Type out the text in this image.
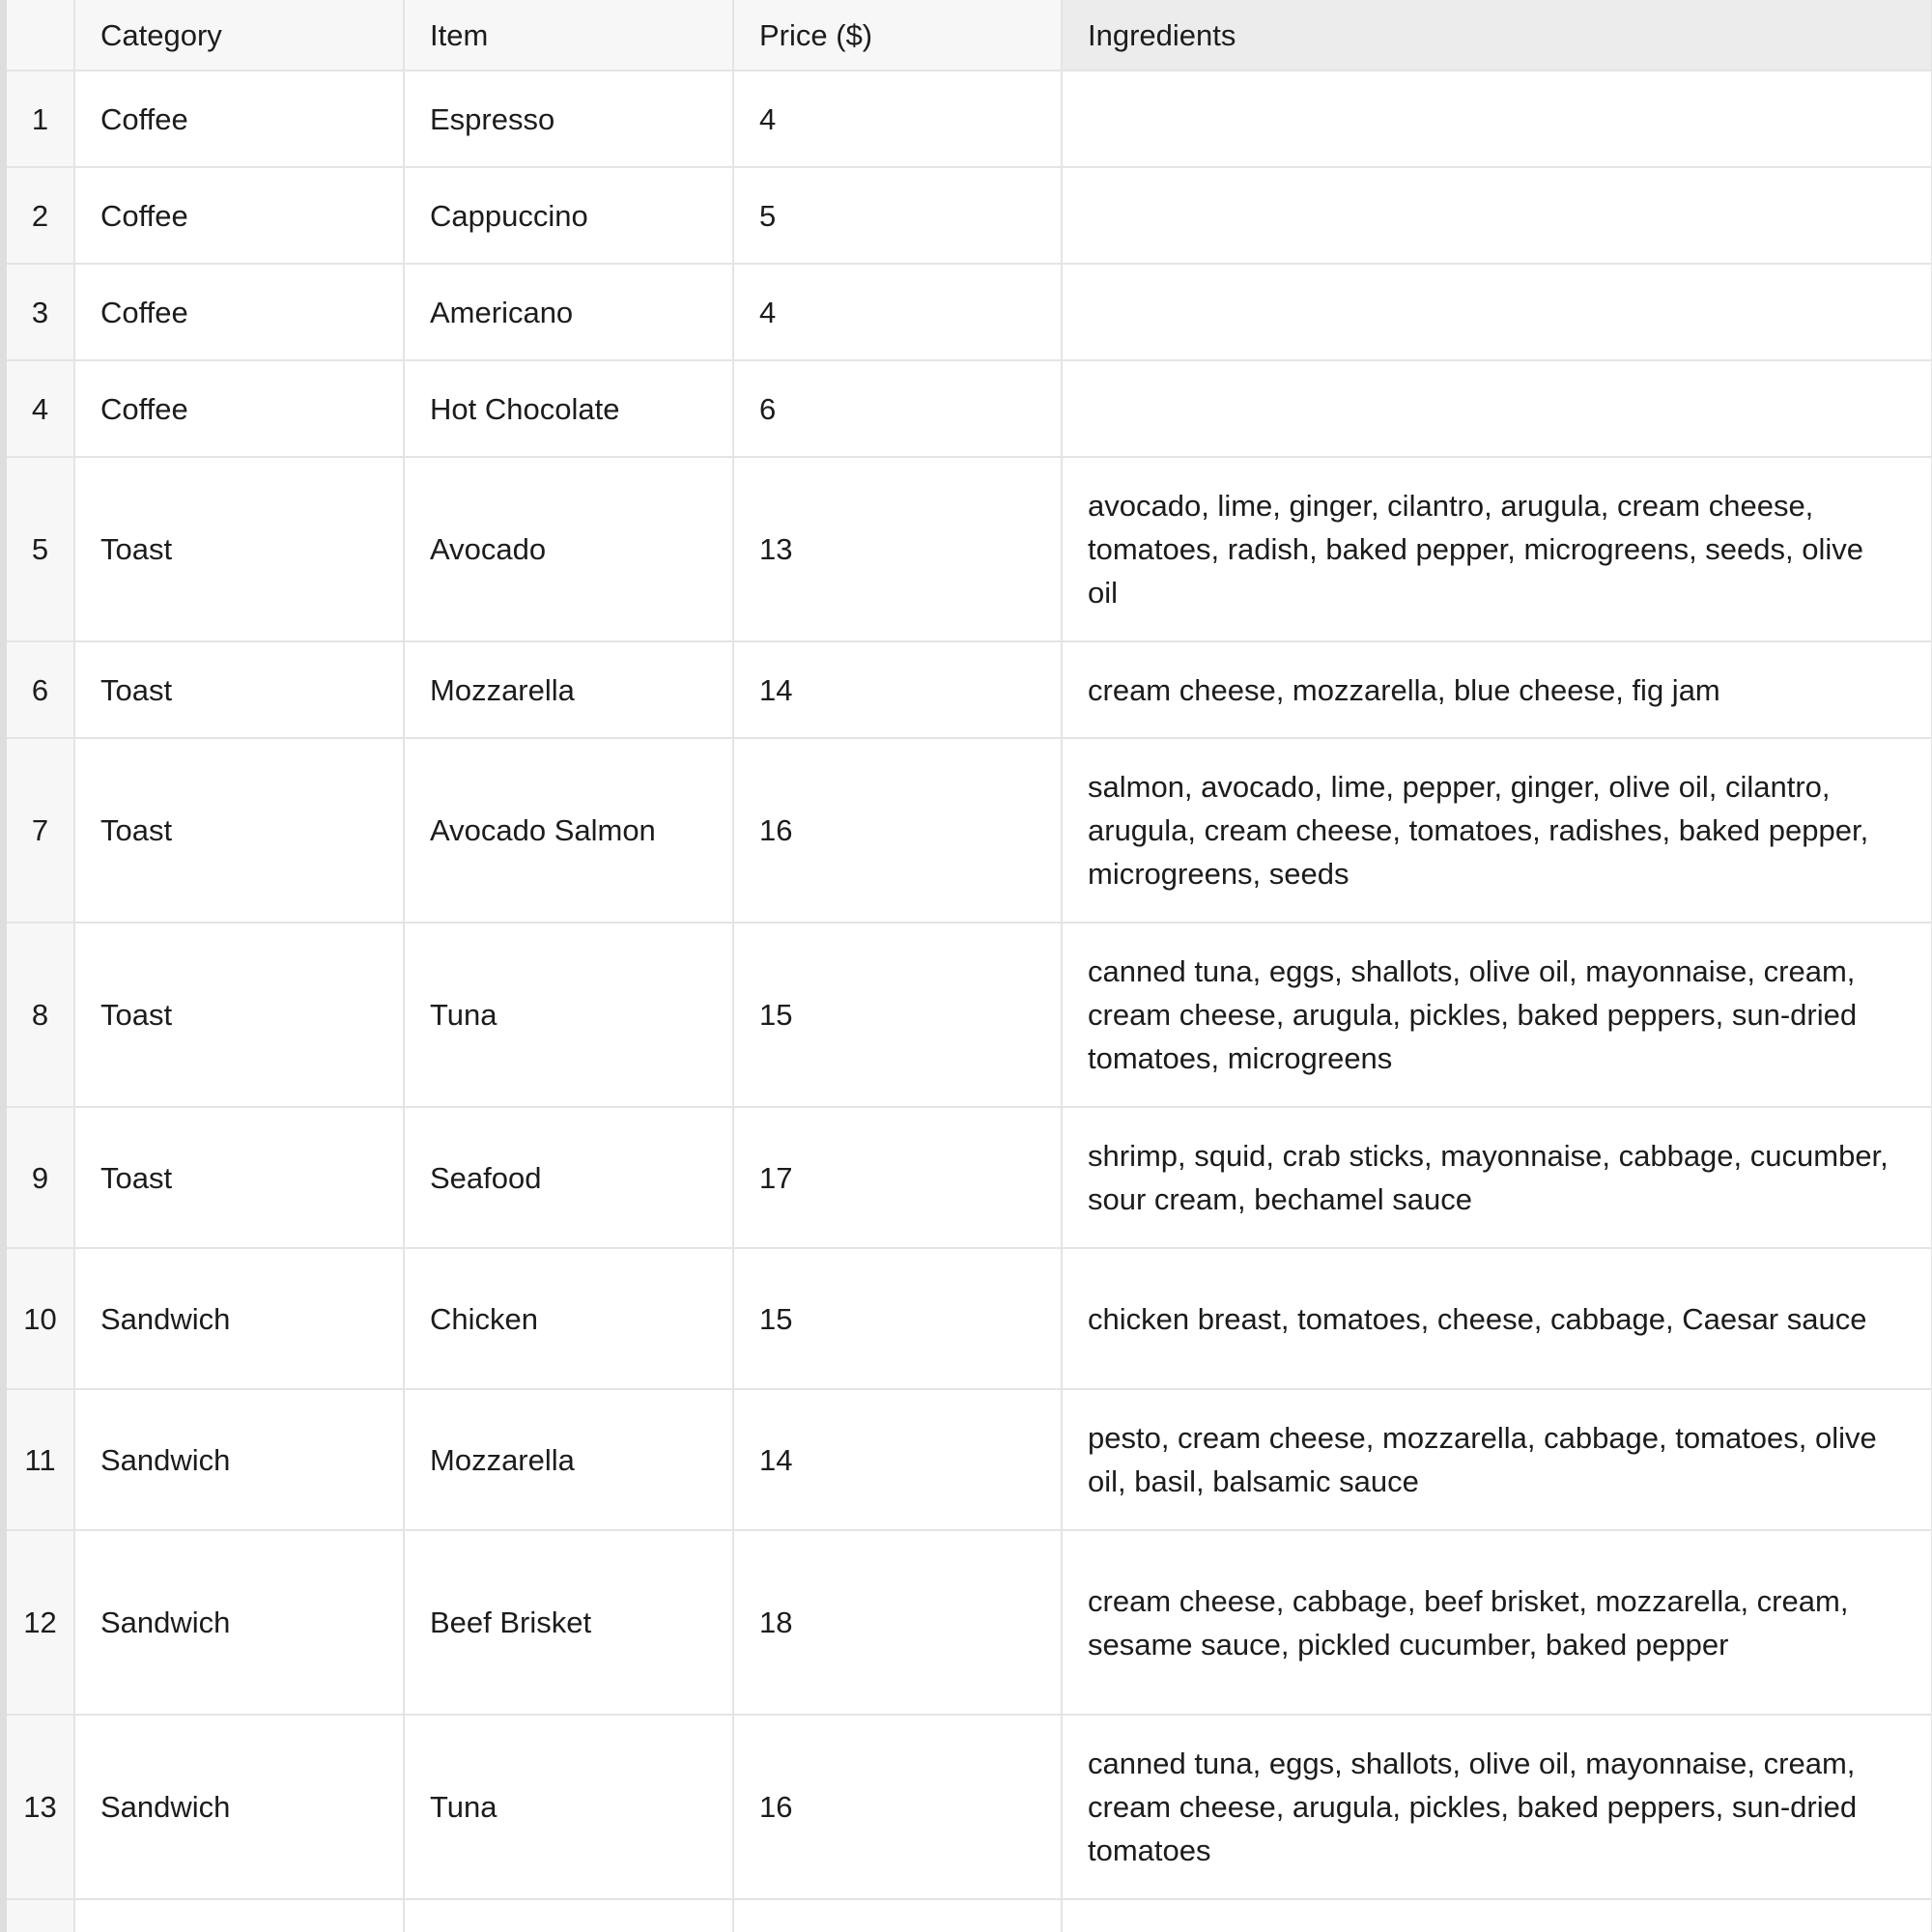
	Category	Item	Price ($)	Ingredients
1	Coffee	Espresso	4	
2	Coffee	Cappuccino	5	
3	Coffee	Americano	4	
4	Coffee	Hot Chocolate	6	
5	Toast	Avocado	13	avocado, lime, ginger, cilantro, arugula, cream cheese, tomatoes, radish, baked pepper, microgreens, seeds, olive oil
6	Toast	Mozzarella	14	cream cheese, mozzarella, blue cheese, fig jam
7	Toast	Avocado Salmon	16	salmon, avocado, lime, pepper, ginger, olive oil, cilantro, arugula, cream cheese, tomatoes, radishes, baked pepper, microgreens, seeds
8	Toast	Tuna	15	canned tuna, eggs, shallots, olive oil, mayonnaise, cream, cream cheese, arugula, pickles, baked peppers, sun-dried tomatoes, microgreens
9	Toast	Seafood	17	shrimp, squid, crab sticks, mayonnaise, cabbage, cucumber, sour cream, bechamel sauce
10	Sandwich	Chicken	15	chicken breast, tomatoes, cheese, cabbage, Caesar sauce
11	Sandwich	Mozzarella	14	pesto, cream cheese, mozzarella, cabbage, tomatoes, olive oil, basil, balsamic sauce
12	Sandwich	Beef Brisket	18	cream cheese, cabbage, beef brisket, mozzarella, cream, sesame sauce, pickled cucumber, baked pepper
13	Sandwich	Tuna	16	canned tuna, eggs, shallots, olive oil, mayonnaise, cream, cream cheese, arugula, pickles, baked peppers, sun-dried tomatoes
